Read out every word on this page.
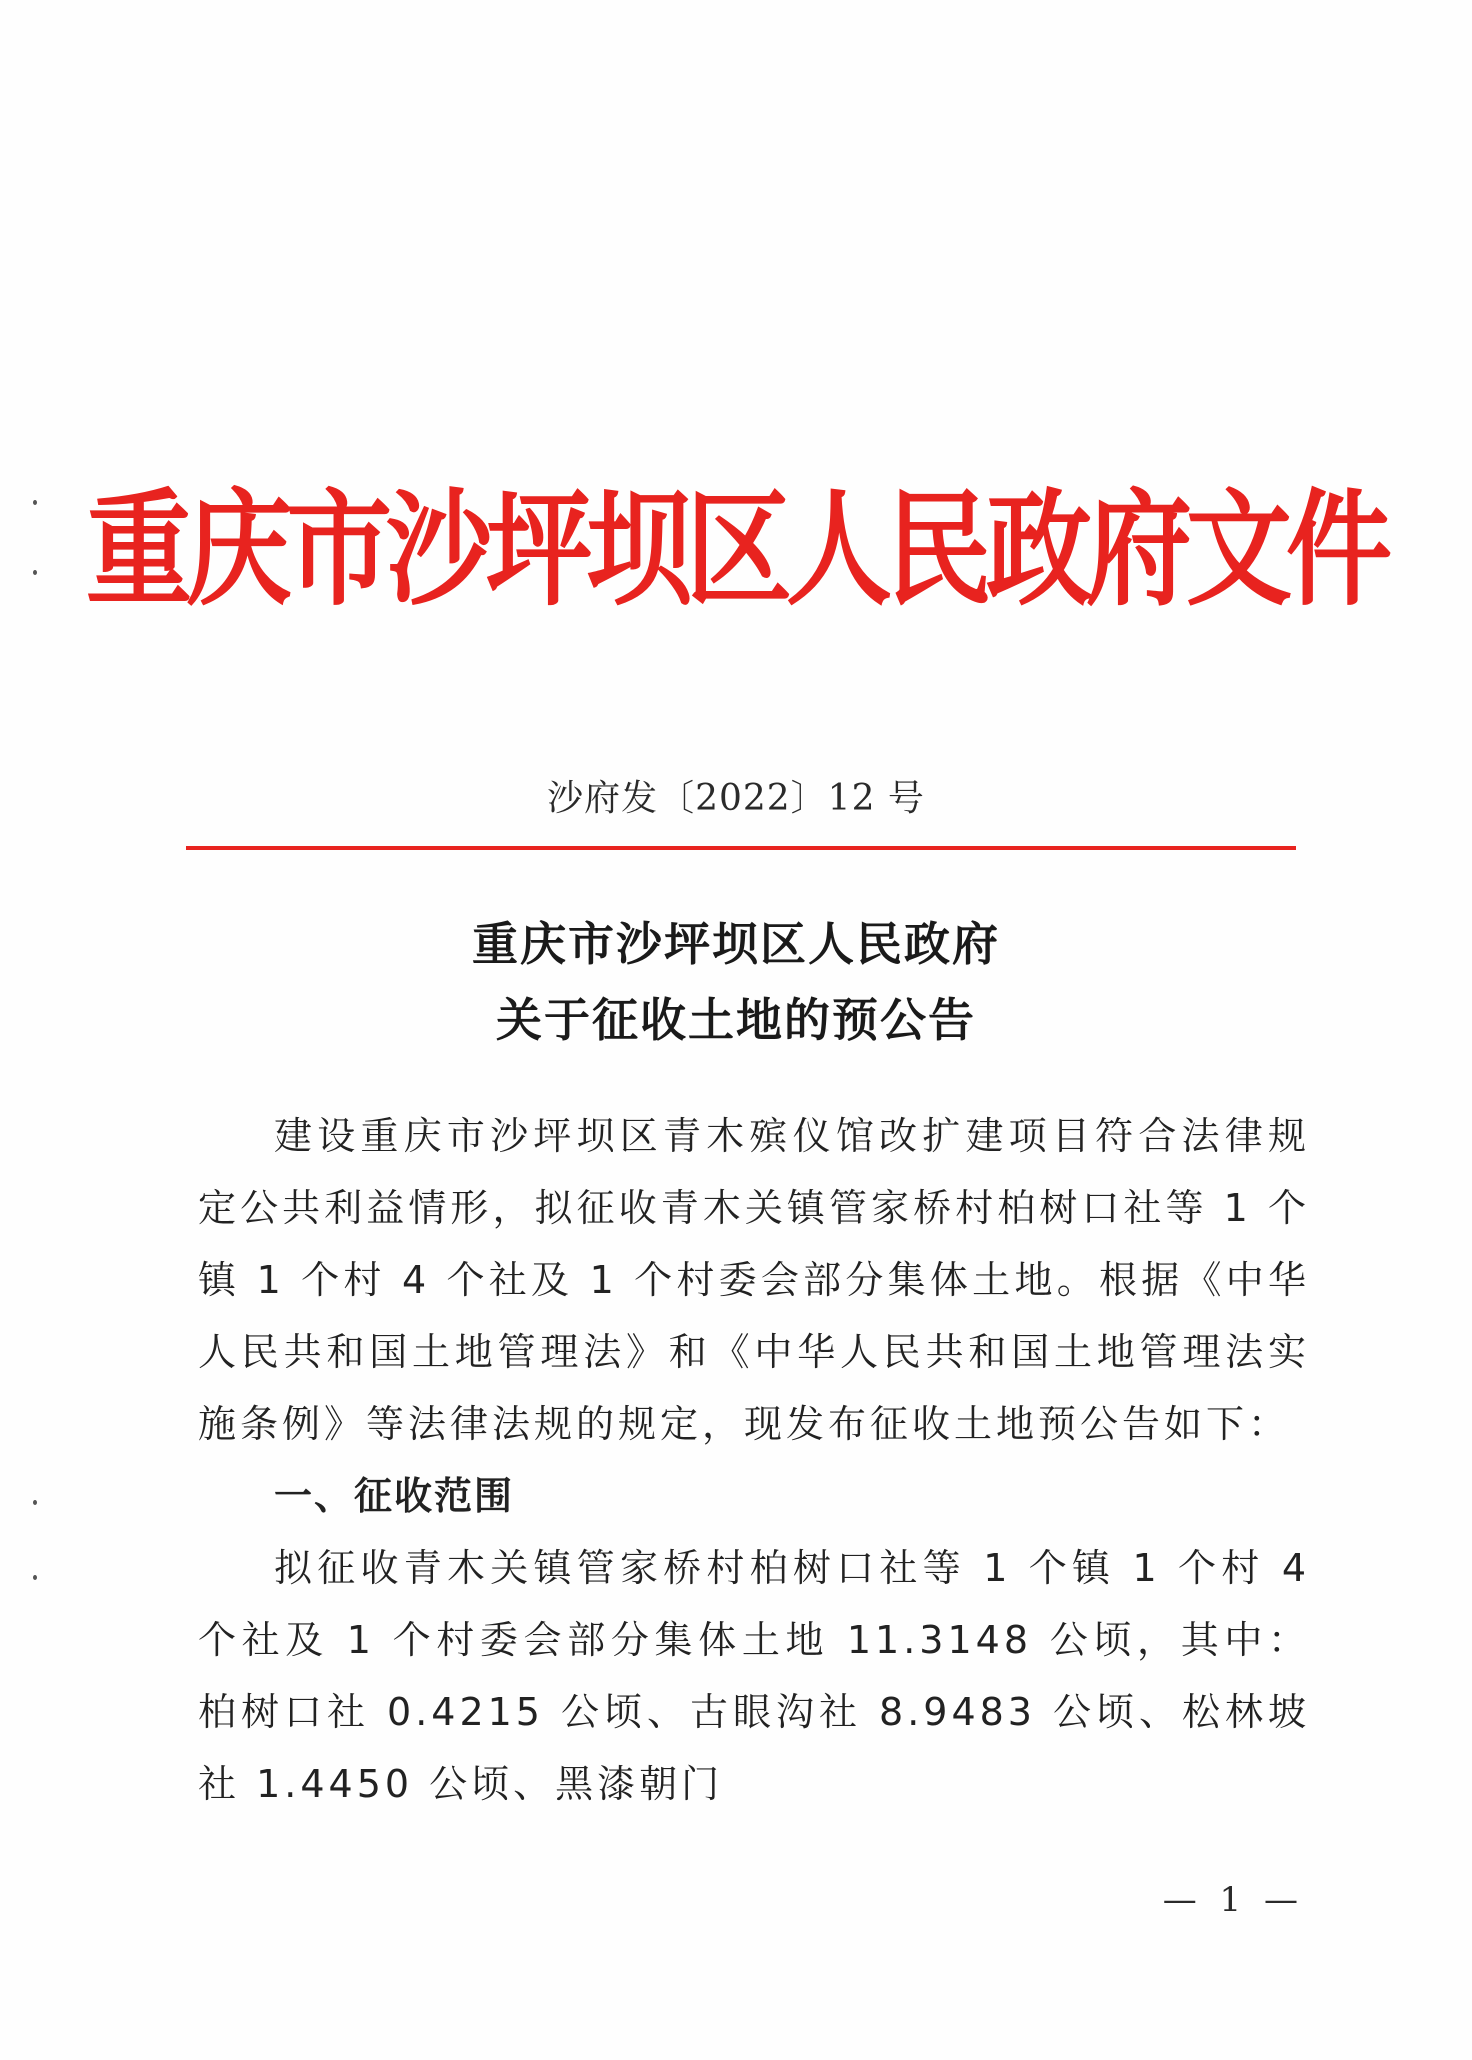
重庆市沙坪坝区人民政府文件
沙府发〔2022〕12 号
重庆市沙坪坝区人民政府
关于征收土地的预公告

建设重庆市沙坪坝区青木殡仪馆改扩建项目符合法律规定公共利益情形，拟征收青木关镇管家桥村柏树口社等 1 个镇 1 个村 4 个社及 1 个村委会部分集体土地。根据《中华人民共和国土地管理法》和《中华人民共和国土地管理法实施条例》等法律法规的规定，现发布征收土地预公告如下：

一、征收范围

拟征收青木关镇管家桥村柏树口社等 1 个镇 1 个村 4 个社及 1 个村委会部分集体土地 11.3148 公顷，其中：柏树口社 0.4215 公顷、古眼沟社 8.9483 公顷、松林坡社 1.4450 公顷、黑漆朝门

— 1 —
